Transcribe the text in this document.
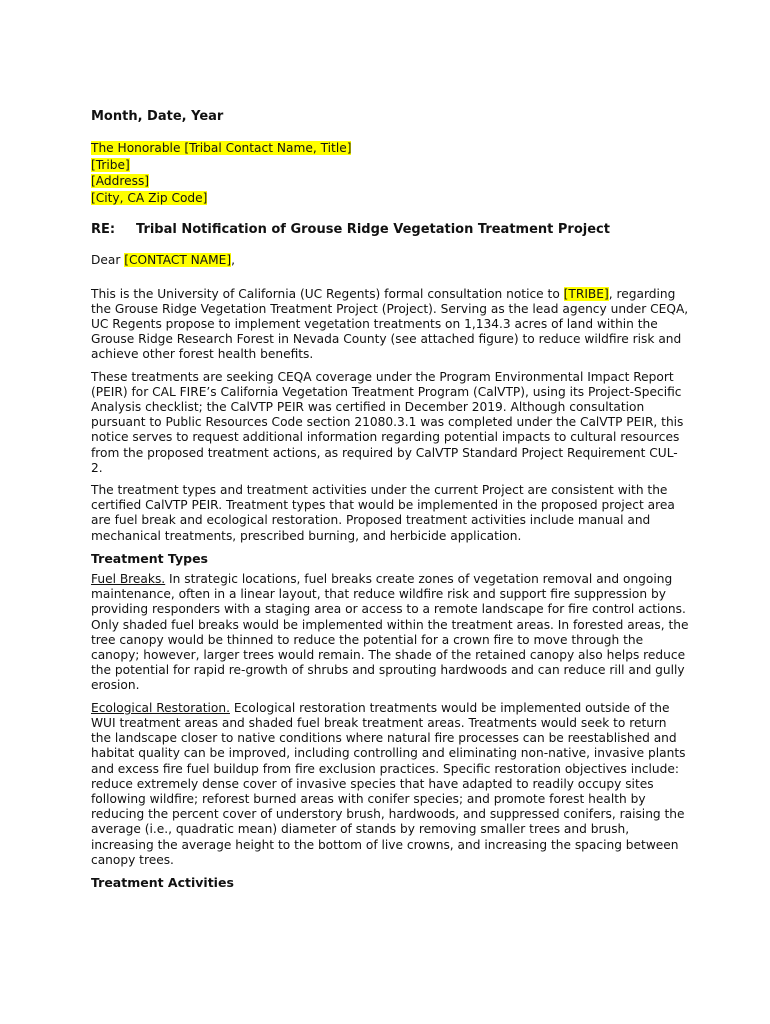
Month, Date, Year
The Honorable [Tribal Contact Name, Title]
[Tribe]
[Address]
[City, CA Zip Code]
RE:	Tribal Notification of Grouse Ridge Vegetation Treatment Project
Dear [CONTACT NAME],

This is the University of California (UC Regents) formal consultation notice to [TRIBE], regarding the Grouse Ridge Vegetation Treatment Project (Project). Serving as the lead agency under CEQA, UC Regents propose to implement vegetation treatments on 1,134.3 acres of land within the Grouse Ridge Research Forest in Nevada County (see attached figure) to reduce wildfire risk and achieve other forest health benefits.

These treatments are seeking CEQA coverage under the Program Environmental Impact Report (PEIR) for CAL FIRE’s California Vegetation Treatment Program (CalVTP), using its Project-Specific Analysis checklist; the CalVTP PEIR was certified in December 2019. Although consultation pursuant to Public Resources Code section 21080.3.1 was completed under the CalVTP PEIR, this notice serves to request additional information regarding potential impacts to cultural resources from the proposed treatment actions, as required by CalVTP Standard Project Requirement CUL-2.

The treatment types and treatment activities under the current Project are consistent with the certified CalVTP PEIR. Treatment types that would be implemented in the proposed project area are fuel break and ecological restoration. Proposed treatment activities include manual and mechanical treatments, prescribed burning, and herbicide application.

Treatment Types

Fuel Breaks. In strategic locations, fuel breaks create zones of vegetation removal and ongoing maintenance, often in a linear layout, that reduce wildfire risk and support fire suppression by providing responders with a staging area or access to a remote landscape for fire control actions. Only shaded fuel breaks would be implemented within the treatment areas. In forested areas, the tree canopy would be thinned to reduce the potential for a crown fire to move through the canopy; however, larger trees would remain. The shade of the retained canopy also helps reduce the potential for rapid re-growth of shrubs and sprouting hardwoods and can reduce rill and gully erosion.

Ecological Restoration. Ecological restoration treatments would be implemented outside of the WUI treatment areas and shaded fuel break treatment areas. Treatments would seek to return the landscape closer to native conditions where natural fire processes can be reestablished and habitat quality can be improved, including controlling and eliminating non-native, invasive plants and excess fire fuel buildup from fire exclusion practices. Specific restoration objectives include: reduce extremely dense cover of invasive species that have adapted to readily occupy sites following wildfire; reforest burned areas with conifer species; and promote forest health by reducing the percent cover of understory brush, hardwoods, and suppressed conifers, raising the average (i.e., quadratic mean) diameter of stands by removing smaller trees and brush, increasing the average height to the bottom of live crowns, and increasing the spacing between canopy trees.

Treatment Activities
